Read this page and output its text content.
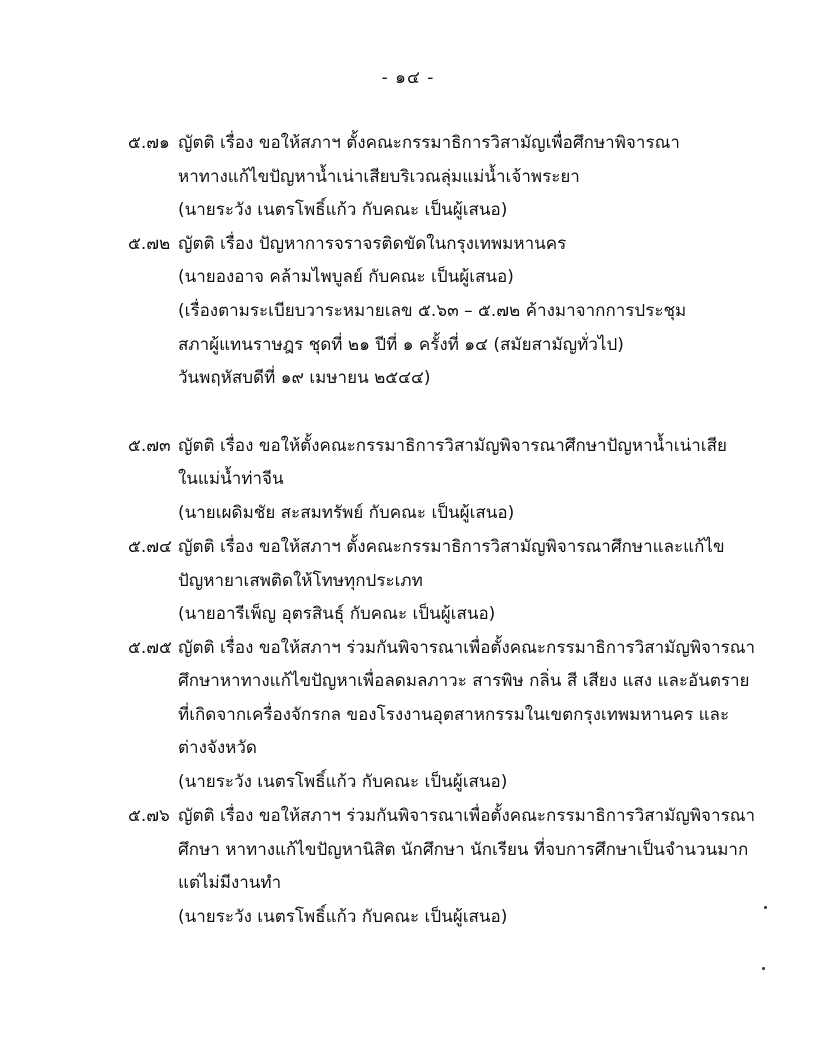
- ๑๔ -
๕.๗๑ ญัตติ เรื่อง ขอให้สภาฯ ตั้งคณะกรรมาธิการวิสามัญเพื่อศึกษาพิจารณา
หาทางแก้ไขปัญหาน้ำเน่าเสียบริเวณลุ่มแม่น้ำเจ้าพระยา
(นายระวัง เนตรโพธิ์แก้ว กับคณะ เป็นผู้เสนอ)
๕.๗๒ ญัตติ เรื่อง ปัญหาการจราจรติดขัดในกรุงเทพมหานคร
(นายองอาจ คล้ามไพบูลย์ กับคณะ เป็นผู้เสนอ)
(เรื่องตามระเบียบวาระหมายเลข ๕.๖๓ – ๕.๗๒ ค้างมาจากการประชุม
สภาผู้แทนราษฎร ชุดที่ ๒๑ ปีที่ ๑ ครั้งที่ ๑๔ (สมัยสามัญทั่วไป)
วันพฤหัสบดีที่ ๑๙ เมษายน ๒๕๔๔)
๕.๗๓ ญัตติ เรื่อง ขอให้ตั้งคณะกรรมาธิการวิสามัญพิจารณาศึกษาปัญหาน้ำเน่าเสีย
ในแม่น้ำท่าจีน
(นายเผดิมชัย สะสมทรัพย์ กับคณะ เป็นผู้เสนอ)
๕.๗๔ ญัตติ เรื่อง ขอให้สภาฯ ตั้งคณะกรรมาธิการวิสามัญพิจารณาศึกษาและแก้ไข
ปัญหายาเสพติดให้โทษทุกประเภท
(นายอารีเพ็ญ อุตรสินธุ์ กับคณะ เป็นผู้เสนอ)
๕.๗๕ ญัตติ เรื่อง ขอให้สภาฯ ร่วมกันพิจารณาเพื่อตั้งคณะกรรมาธิการวิสามัญพิจารณา
ศึกษาหาทางแก้ไขปัญหาเพื่อลดมลภาวะ สารพิษ กลิ่น สี เสียง แสง และอันตราย
ที่เกิดจากเครื่องจักรกล ของโรงงานอุตสาหกรรมในเขตกรุงเทพมหานคร และ
ต่างจังหวัด
(นายระวัง เนตรโพธิ์แก้ว กับคณะ เป็นผู้เสนอ)
๕.๗๖ ญัตติ เรื่อง ขอให้สภาฯ ร่วมกันพิจารณาเพื่อตั้งคณะกรรมาธิการวิสามัญพิจารณา
ศึกษา หาทางแก้ไขปัญหานิสิต นักศึกษา นักเรียน ที่จบการศึกษาเป็นจำนวนมาก
แต่ไม่มีงานทำ
(นายระวัง เนตรโพธิ์แก้ว กับคณะ เป็นผู้เสนอ)
